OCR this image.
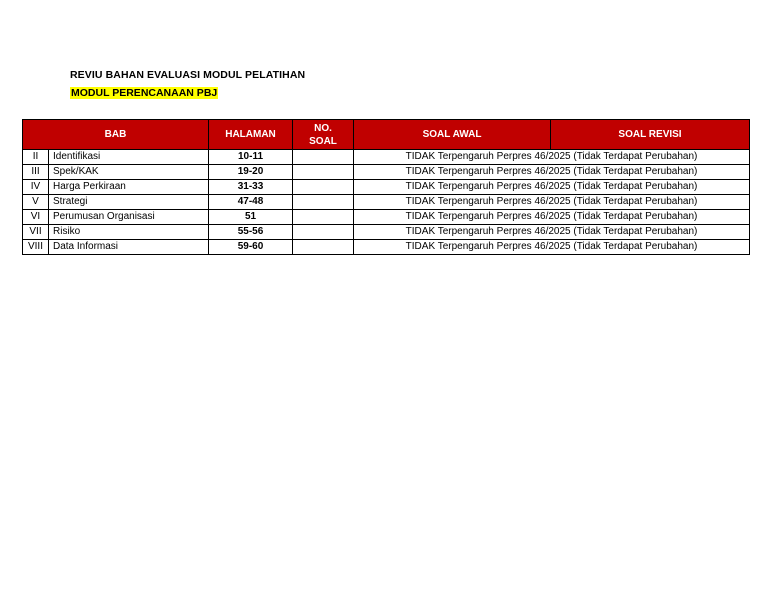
REVIU BAHAN EVALUASI MODUL PELATIHAN
MODUL PERENCANAAN PBJ
BAB		HALAMAN	NO. SOAL	SOAL AWAL	SOAL REVISI
II	Identifikasi	10-11		TIDAK Terpengaruh Perpres 46/2025 (Tidak Terdapat Perubahan)	
III	Spek/KAK	19-20		TIDAK Terpengaruh Perpres 46/2025 (Tidak Terdapat Perubahan)	
IV	Harga Perkiraan	31-33		TIDAK Terpengaruh Perpres 46/2025 (Tidak Terdapat Perubahan)	
V	Strategi	47-48		TIDAK Terpengaruh Perpres 46/2025 (Tidak Terdapat Perubahan)	
VI	Perumusan Organisasi	51		TIDAK Terpengaruh Perpres 46/2025 (Tidak Terdapat Perubahan)	
VII	Risiko	55-56		TIDAK Terpengaruh Perpres 46/2025 (Tidak Terdapat Perubahan)	
VIII	Data Informasi	59-60		TIDAK Terpengaruh Perpres 46/2025 (Tidak Terdapat Perubahan)	
